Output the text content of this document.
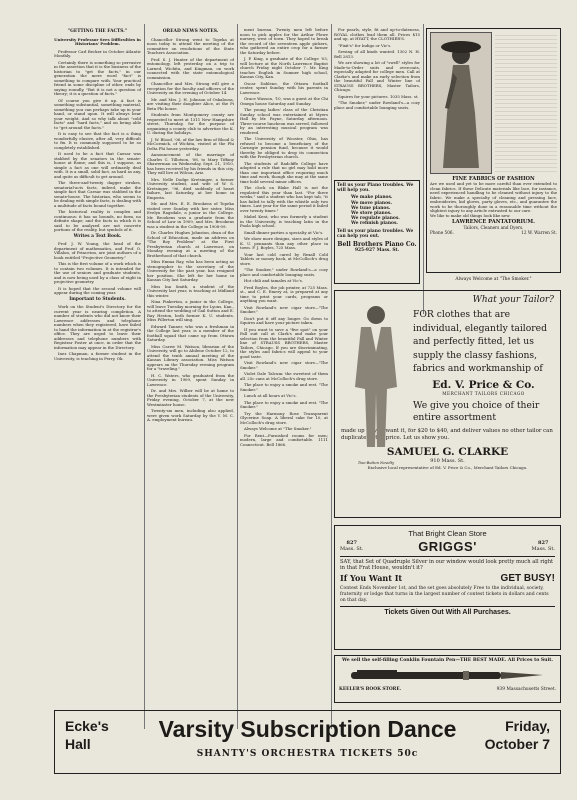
"GETTING THE FACTS."
University Professor Sees Difficulties in Historians' Problem.

Professor Carl Becker in October Atlantic Monthly.

Certainly there is something so pervasive in the assertion that it is the business of the historian to "get the facts," in our generation the mere word "fact" is something to compare with. Your practical friend in some discipline of other, ends by saying roundly, "But it is not a question of theory; it is a question of facts."

Of course you give it up. A fact is something substantial, something material, something you can perhaps take up in your hand, or stand upon. It will always bear your weight. And so why talk about "cold facts" and "hard facts," and on being able to "get around the facts."

It is easy to see that the fact is a thing wonderfully elusive, after all, very difficult to fix. It is commonly supposed to be so completely established.

It used to be a fact that Caesar was stabbed by the senators in the senate-house at Rome; and this is, I suppose, as simple a fact as one will ordinarily deal with. It is a small, solid fact, as hard as any, and quite as difficult to get around.

The three-and-twenty dagger strokes, senatorial-acts facts, indeed, make the simple fact that Caesar was stabbed in the senate-house. The historian, who seems to be dealing with simple facts, is dealing with a multitude of facts bound together.

The historical reality is complex and continuous: it has no bounds, no form, no definite shape; and the facts in which it is said to be analyzed are not concrete portions of the reality, but symbols of it.

Writes a Text Book.

Prof. J. W. Young, the head of the department of mathematics, and Prof. O. Villalon, of Princeton, are joint authors of a book entitled "Projective Geometry."

This is the first volume of a work which is to contain two volumes. It is intended for the use of seniors and graduate students, and is now being used by a class of eight in projective geometry.

It is hoped that the second volume will appear during the coming year.

Important to Students.

Work on the Student's Directory for the current year is nearing completion. A number of students who did not know their Lawrence addresses and telephone numbers when they registered, have failed to hand the information in at the registrar's office. They are urged to leave their addresses and telephone numbers with Registrar Foster at once, in order that the information may appear in the Directory.

Inez Chapman, a former student in the University, is teaching in Perry, Ok.

OREAD NEWS NOTES.

Chancellor Strong went to Topeka at noon today to attend the meeting of the committee on resolutions of the State Teachers Association.

Prof. S. J. Hunter of the department of entomology, left yesterday on a trip to Larned, Wichita, and Kingman, on work connected with the state entomological commission.

Chancellor and Mrs. Strong will give a reception for the faculty and officers of the University on the evening of October 14.

Mr. and Mrs. J. H. Johnson of Oskaloosa, are visiting their daughter Alice, at the Pi Beta Phi house.

Students from Montgomery county are requested to meet at 1311 New Hampshire street, Thursday, for the purpose of organizing a county club to advertise the K. U. during the holidays.

J. W. Blood, '06, of the law firm of Blood & McCormick, of Wichita, visited at the Phi Delta Phi house yesterday.

Announcement of the marriage of Charles C. Tillotson, '08, to Mary Tiffany Shawerman on Wednesday, Sept. 21, 1910, has been received by his friends in this city. They will live at Wilcox, Ariz.

Mrs. Nelle Dodge Kretsinger, a former University student, and wife of W. S. Kretsinger, '96, died suddenly of heart failure, last Saturday, at her home in Emporia.

Mr. and Mrs. E. E. Brookens of Topeka visited over Sunday with her sister, Miss Evelyn Ragsdale, a junior in the College. Mr. Brookens was a graduate from the School of Law in 1909, and Mrs. Brookens was a student in the College in 1908-09.

Dr. Charles Hughes Johnston, dean of the School of Education, made an address on "The Boy Problem" at the First Presbyterian church at Lawrence, on Monday evening at a meeting of the Brotherhood of that church.

Miss Emma Ray, who has been acting as stenographer to the secretary of the University for the past year, has resigned her position. She left for her home in Kansas City last Saturday.

Miss Ina Smith, a student of the University last year, is teaching at Midland this winter.

Nina Pinkerton, a junior in the College, will leave Tuesday morning for Lyons, Kan., to attend the wedding of Gail Sutton and E. Ray Heston, both former K. U. students. Miss Pillerton will sing.

Edward Tanner, who was a freshman in the College last year, is a member of the football squad that came up from Ottawa Saturday.

Miss Carrie M. Watson, librarian of the University, will go to Abilene October 12, to attend the tenth annual meeting of the Kansas Library association. Miss Watson appears on the Thursday evening program for a "traveling."

H. C. Waters, who graduated from the University in 1909, spent Sunday in Lawrence.

Dr. and Mrs. Wilber will be at home to the Presbyterian students of the University, Friday evening, October 7, at the new Westminster house.

Twenty-six men, including also applied, were given work Saturday by the Y. M. C. A. employment bureau.

ment bureau. Twenty men left before noon to pick apples for the Arthur Plowe nursery, west of town. They hoped to break the record of the seventeen apple pickers, who gathered an entire crop for a farmer the Saturday before.

J. P. King, a graduate of the College '03, will lecture at the North Lawrence Baptist church Friday night October 7. Mr. King teaches English in Sumner high school, Kansas City, Kan.

Oscar Dahlene, the Ottawa football center, spent Sunday with his parents in Lawrence.

Grace Wasson, '10, was a guest at the Chi Omega house Saturday and Sunday.

The young ladies' class of the Christian Sunday school was entertained at Myers Hall by Mr. Payne, Saturday afternoon. Three-course luncheon was served, followed by an interesting musical program was rendered.

The University of Wooster, Ohio, has refused to become a beneficiary of the Carnegie pension fund, because it would thereby be obliged to drop its connection with the Presbyterian church.

The students of Radcliffe College have adopted a rule that no girl may hold more than one important office requiring much time and work, though she may at the same time hold several minor offices.

The clock on Blake Hall is not the regulated this year than last. "For three weeks," said a student who has kept tab, "it has failed to tally with the whistle only two times. Last year for the same period it failed over twenty times."

Mabel Kent, who was formerly a student in the University, is teaching latin in the Paola high school.

Small dinner parties a specialty at Vic's.

We show more designs, sizes and styles of K. U. pennants than any other place in town. F. J. Boyles, 725 Mass.

Your last cold cured by Rexall Cold Tablets or money back, at McColloch's drug store.

"The Smoker," under Rowland's—a cozy place and comfortable lounging seats.

Hot chili and tamales at Vic's.

Fred Boyles, the job printer, at 725 Mass. st., and C. E. Emery at, is prepared at any time to print your cards, programs or anything you want.

Visit Rowland's new cigar store—"The Smoker."

Don't put it off any longer. Go down to Squires and have your picture taken.

If you want to save a "five spot" on your Fall suit call at Clark's and make your selection from the beautiful Fall and Winter line of STRAUSS BROTHERS, Master Tailors, Chicago. If you are discriminating, the styles and fabrics will appeal to your good taste.

Visit Rowland's new cigar store—"The Smoker."

Violet Dale Talcum: the sweetest of them all. 25c cans at McColloch's drug store.

The place to enjoy a smoke and rest. "The Smoker."

Lunch at all hours at Vic's.

The place to enjoy a smoke and rest. "The Smoker."

Try the Harmony Rose Transparent Glycerine Soap. A liberal cake for 10, at McColloch's drug store.

Always Welcome at "The Smoker."

For Rent—Furnished rooms for men; modern, large and comfortable. 1111 Connecticut. Bell 1866.

For pearls, style, fit and up-to-dateness, ROYAL clothes lead them all. Prices $15 and up, at HYATT, the CLOTHIER'S.

"Fixit's" for Indigo or Vic's.

Sewing of all kinds wanted. 1302 N. H. Bell 2813.

We are showing a lot of "swell" styles for Made-to-Order suits and overcoats, especially adapted for college men. Call at Clarke's and make an early selection from the beautiful Fall and Winter line of STRAUSS BROTHERS, Master Tailors, Chicago.

Squires for your pictures. 1035 Mass. st.

"The Smoker," under Rowland's—a cozy place and comfortable lounging seats.

Tell us your Piano troubles. We will help you.
We make pianos.
We move pianos.
We tune pianos.
We store pianos.
We regulate pianos.
We refinish pianos.
Tell us your piano troubles. We can help you out.
Bell Brothers Piano Co.
925-927 Mass. St.
FINE FABRICS OF FASHION
Are we used and yet to be more careful than ever extended to clean fabrics. If these Delicate materials like lace, for instance, need experienced handling to be cleaned without injury to the fabric. We make a specialty of cleaning and pressing lace, embroideries, kid gloves, party gloves, etc., and guarantee the work to be thoroughly done in a reasonable time without the slightest injury to any article entrusted to our care.
We like to make old things look like new.
LAWRENCE PANTATORIUM.
Tailors, Cleaners and Dyers.
Phone 506.	12 W. Warren St.
Always Welcome at "The Smoker."
Two-Button Novelty
What your Tailor?
FOR clothes that are individual, elegantly tailored and perfectly fitted, let us supply the classy fashions, fabrics and workmanship of
Ed. V. Price & Co.
MERCHANT TAILORS CHICAGO
We give you choice of their entire assortment
made up as you want it, for $20 to $40, and deliver values no other tailor can duplicate at the price. Let us show you.
SAMUEL G. CLARKE
910 Mass. St.
Exclusive local representative of Ed. V. Price & Co., Merchant Tailors Chicago.
That Bright Clean Store
827
Mass. St.	GRIGGS'	827
Mass. St.
SAY, that Set of Quadruple Silver in our window would look pretty much all right in that Frat House, wouldn't it?
If You Want It	GET BUSY!
Contest Ends November 1st, and the set goes absolutely Free to the individual, society, fraternity or lodge that turns in the largest number of contest tickets in dollars and cents on that day.
Tickets Given Out With All Purchases.
We sell the self-filling Conklin Fountain Pen—THE BEST MADE. All Prices to Suit.
KEELER'S BOOK STORE.	939 Massachusetts Street.
Ecke's
Hall
Varsity Subscription Dance
SHANTY'S ORCHESTRA TICKETS 50c
Friday,
October 7
